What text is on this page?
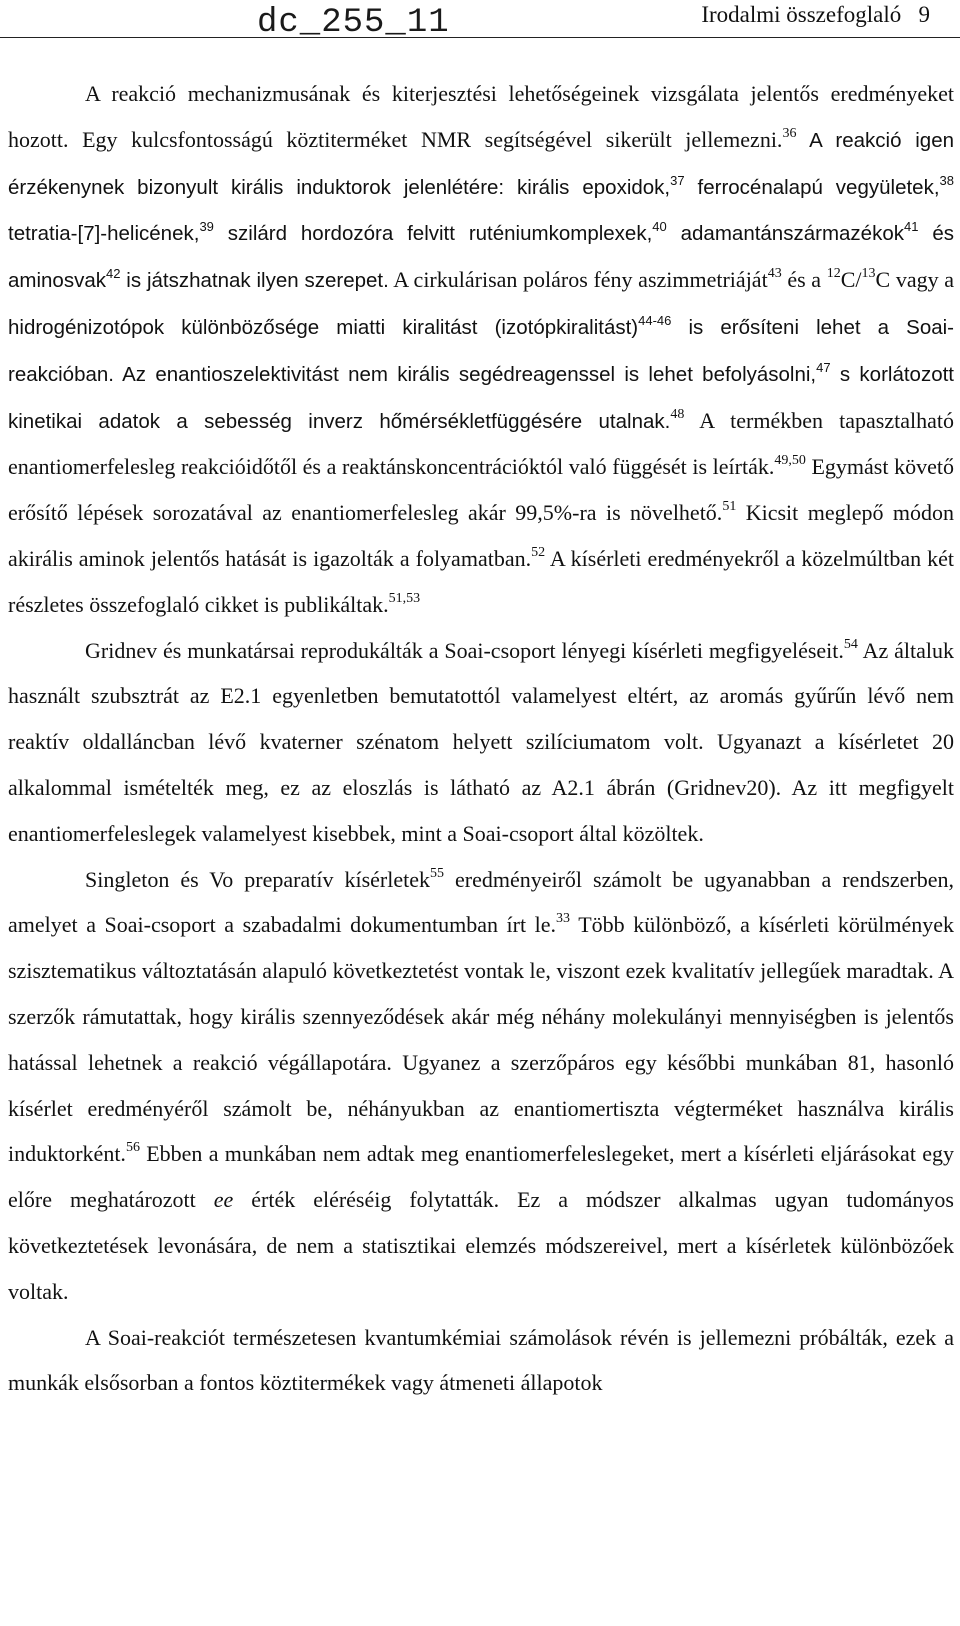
dc_255_11	Irodalmi összefoglaló 9

A reakció mechanizmusának és kiterjesztési lehetőségeinek vizsgálata jelentős eredményeket hozott. Egy kulcsfontosságú köztiterméket NMR segítségével sikerült jellemezni.$^{36}$ A reakció igen érzékenynek bizonyult királis induktorok jelenlétére: királis epoxidok,$^{37}$ ferrocénalapú vegyületek,$^{38}$ tetratia-[7]-helicének,$^{39}$ szilárd hordozóra felvitt ruténiumkomplexek,$^{40}$ adamantánszármazékok$^{41}$ és aminosvak$^{42}$ is játszhatnak ilyen szerepet. A cirkulárisan poláros fény aszimmetriáját$^{43}$ és a $^{12}$C/$^{13}$C vagy a hidrogénizotópok különbözősége miatti kiralitást (izotópkiralitást)$^{44-46}$ is erősíteni lehet a Soai-reakcióban. Az enantioszelektivitást nem királis segédreagenssel is lehet befolyásolni,$^{47}$ s korlátozott kinetikai adatok a sebesség inverz hőmérsékletfüggésére utalnak.$^{48}$ A termékben tapasztalható enantiomerfelesleg reakcióidőtől és a reaktánskoncentrációktól való függését is leírták.$^{49,50}$ Egymást követő erősítő lépések sorozatával az enantiomerfelesleg akár 99,5%-ra is növelhető.$^{51}$ Kicsit meglepő módon akirális aminok jelentős hatását is igazolták a folyamatban.$^{52}$ A kísérleti eredményekről a közelmúltban két részletes összefoglaló cikket is publikáltak.$^{51,53}$

Gridnev és munkatársai reprodukálták a Soai-csoport lényegi kísérleti megfigyeléseit.$^{54}$ Az általuk használt szubsztrát az E2.1 egyenletben bemutatottól valamelyest eltért, az aromás gyűrűn lévő nem reaktív oldalláncban lévő kvaterner szénatom helyett szilíciumatom volt. Ugyanazt a kísérletet 20 alkalommal ismételték meg, ez az eloszlás is látható az A2.1 ábrán (Gridnev20). Az itt megfigyelt enantiomerfeleslegek valamelyest kisebbek, mint a Soai-csoport által közöltek.

Singleton és Vo preparatív kísérletek$^{55}$ eredményeiről számolt be ugyanabban a rendszerben, amelyet a Soai-csoport a szabadalmi dokumentumban írt le.$^{33}$ Több különböző, a kísérleti körülmények szisztematikus változtatásán alapuló következtetést vontak le, viszont ezek kvalitatív jellegűek maradtak. A szerzők rámutattak, hogy királis szennyeződések akár még néhány molekulányi mennyiségben is jelentős hatással lehetnek a reakció végállapotára. Ugyanez a szerzőpáros egy későbbi munkában 81, hasonló kísérlet eredményéről számolt be, néhányukban az enantiomertiszta végterméket használva királis induktorként.$^{56}$ Ebben a munkában nem adtak meg enantiomerfeleslegeket, mert a kísérleti eljárásokat egy előre meghatározott ee érték eléréséig folytatták. Ez a módszer alkalmas ugyan tudományos következtetések levonására, de nem a statisztikai elemzés módszereivel, mert a kísérletek különbözőek voltak.

A Soai-reakciót természetesen kvantumkémiai számolások révén is jellemezni próbálták, ezek a munkák elsősorban a fontos köztitermékek vagy átmeneti állapotok
